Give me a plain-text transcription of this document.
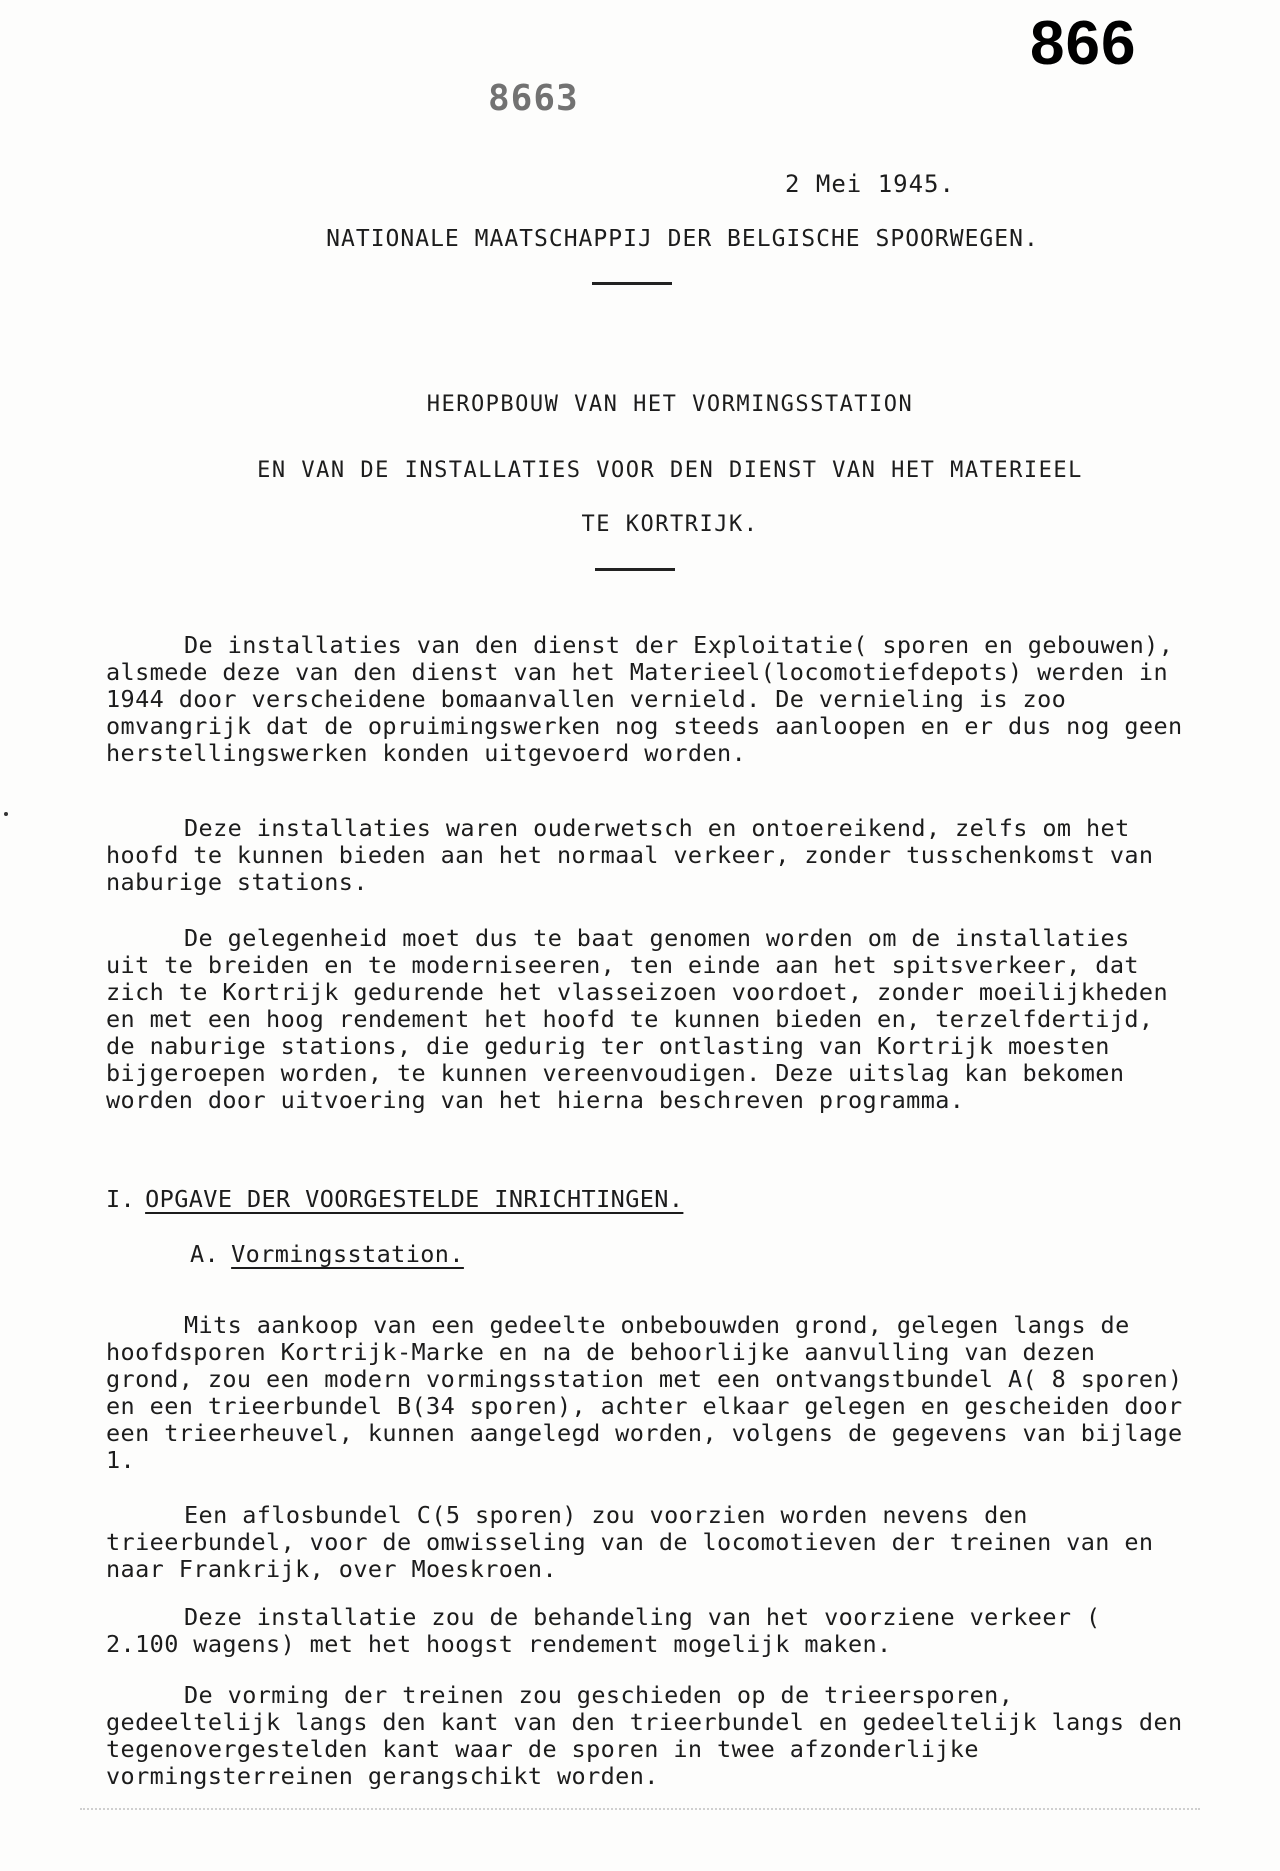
866
8663
2 Mei 1945.
NATIONALE MAATSCHAPPIJ DER BELGISCHE SPOORWEGEN.
HEROPBOUW VAN HET VORMINGSSTATION
EN VAN DE INSTALLATIES VOOR DEN DIENST VAN HET MATERIEEL
TE KORTRIJK.

De installaties van den dienst der Exploitatie( sporen en gebouwen), alsmede deze van den dienst van het Materieel(locomotiefdepots) werden in 1944 door verscheidene bomaanvallen vernield. De vernieling is zoo omvangrijk dat de opruimingswerken nog steeds aanloopen en er dus nog geen herstellingswerken konden uitgevoerd worden.

Deze installaties waren ouderwetsch en ontoereikend, zelfs om het hoofd te kunnen bieden aan het normaal verkeer, zonder tusschenkomst van naburige stations.

De gelegenheid moet dus te baat genomen worden om de installaties uit te breiden en te moderniseeren, ten einde aan het spitsverkeer, dat zich te Kortrijk gedurende het vlasseizoen voordoet, zonder moeilijkheden en met een hoog rendement het hoofd te kunnen bieden en, terzelfdertijd, de naburige stations, die gedurig ter ontlasting van Kortrijk moesten bijgeroepen worden, te kunnen vereenvoudigen. Deze uitslag kan bekomen worden door uitvoering van het hierna beschreven programma.

I. OPGAVE DER VOORGESTELDE INRICHTINGEN.
A. Vormingsstation.

Mits aankoop van een gedeelte onbebouwden grond, gelegen langs de hoofdsporen Kortrijk-Marke en na de behoorlijke aanvulling van dezen grond, zou een modern vormingsstation met een ontvangstbundel A( 8 sporen) en een trieerbundel B(34 sporen), achter elkaar gelegen en gescheiden door een trieerheuvel, kunnen aangelegd worden, volgens de gegevens van bijlage 1.

Een aflosbundel C(5 sporen) zou voorzien worden nevens den trieerbundel, voor de omwisseling van de locomotieven der treinen van en naar Frankrijk, over Moeskroen.

Deze installatie zou de behandeling van het voorziene verkeer ( 2.100 wagens) met het hoogst rendement mogelijk maken.

De vorming der treinen zou geschieden op de trieersporen, gedeeltelijk langs den kant van den trieerbundel en gedeeltelijk langs den tegenovergestelden kant waar de sporen in twee afzonderlijke vormingsterreinen gerangschikt worden.
